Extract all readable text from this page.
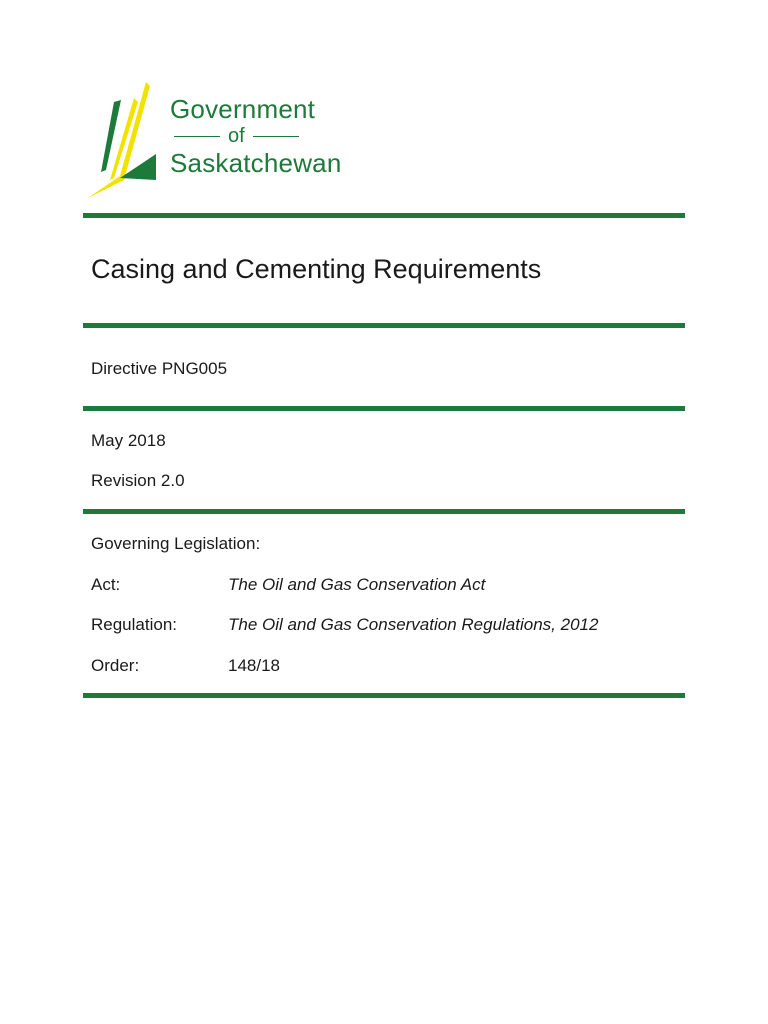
Government
of
Saskatchewan
Casing and Cementing Requirements
Directive PNG005
May 2018
Revision 2.0
Governing Legislation:
Act:	The Oil and Gas Conservation Act
Regulation:	The Oil and Gas Conservation Regulations, 2012
Order:	148/18
